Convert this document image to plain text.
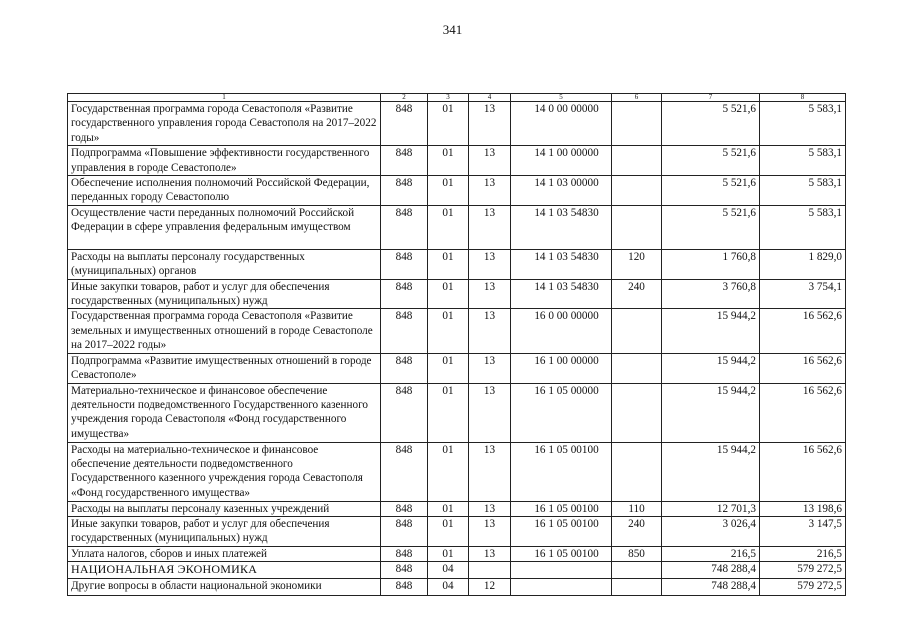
341
1	2	3	4	5	6	7	8
Государственная программа города Севастополя «Развитие государственного управления города Севастополя на 2017–2022 годы»	848	01	13	14 0 00 00000		5 521,6	5 583,1
Подпрограмма «Повышение эффективности государственного управления в городе Севастополе»	848	01	13	14 1 00 00000		5 521,6	5 583,1
Обеспечение исполнения полномочий Российской Федерации, переданных городу Севастополю	848	01	13	14 1 03 00000		5 521,6	5 583,1
Осуществление части переданных полномочий Российской Федерации в сфере управления федеральным имуществом	848	01	13	14 1 03 54830		5 521,6	5 583,1
Расходы на выплаты персоналу государственных (муниципальных) органов	848	01	13	14 1 03 54830	120	1 760,8	1 829,0
Иные закупки товаров, работ и услуг для обеспечения государственных (муниципальных) нужд	848	01	13	14 1 03 54830	240	3 760,8	3 754,1
Государственная программа города Севастополя «Развитие земельных и имущественных отношений в городе Севастополе на 2017–2022 годы»	848	01	13	16 0 00 00000		15 944,2	16 562,6
Подпрограмма «Развитие имущественных отношений в городе Севастополе»	848	01	13	16 1 00 00000		15 944,2	16 562,6
Материально-техническое и финансовое обеспечение деятельности подведомственного Государственного казенного учреждения города Севастополя «Фонд государственного имущества»	848	01	13	16 1 05 00000		15 944,2	16 562,6
Расходы на материально-техническое и финансовое обеспечение деятельности подведомственного Государственного казенного учреждения города Севастополя «Фонд государственного имущества»	848	01	13	16 1 05 00100		15 944,2	16 562,6
Расходы на выплаты персоналу казенных учреждений	848	01	13	16 1 05 00100	110	12 701,3	13 198,6
Иные закупки товаров, работ и услуг для обеспечения государственных (муниципальных) нужд	848	01	13	16 1 05 00100	240	3 026,4	3 147,5
Уплата налогов, сборов и иных платежей	848	01	13	16 1 05 00100	850	216,5	216,5
НАЦИОНАЛЬНАЯ ЭКОНОМИКА	848	04				748 288,4	579 272,5
Другие вопросы в области национальной экономики	848	04	12			748 288,4	579 272,5
